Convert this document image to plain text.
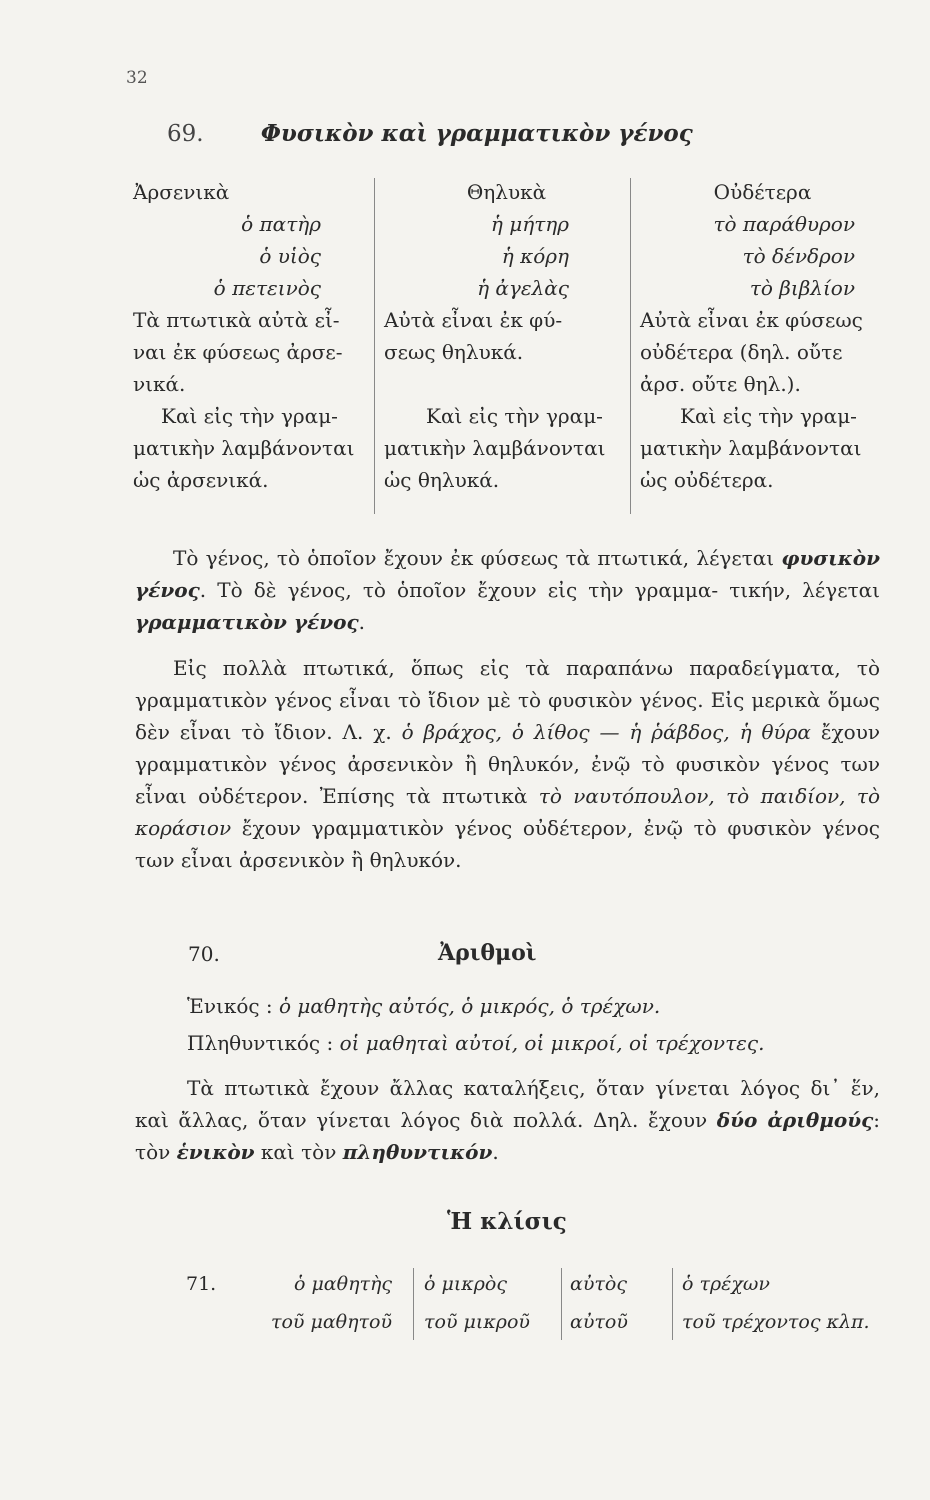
32
69. Φυσικὸν καὶ γραμματικὸν γένος
Ἀρσενικὰ
ὁ πατὴρ
ὁ υἱὸς
ὁ πετεινὸς
Τὰ πτωτικὰ αὐτὰ εἶ-
ναι ἐκ φύσεως ἀρσε-
νικά.
Καὶ εἰς τὴν γραμ-
ματικὴν λαμβάνονται
ὡς ἀρσενικά.
Θηλυκὰ
ἡ μήτηρ
ἡ κόρη
ἡ ἀγελὰς
Αὐτὰ εἶναι ἐκ φύ-
σεως θηλυκά.

Καὶ εἰς τὴν γραμ-
ματικὴν λαμβάνονται
ὡς θηλυκά.
Οὐδέτερα
τὸ παράθυρον
τὸ δένδρον
τὸ βιβλίον
Αὐτὰ εἶναι ἐκ φύσεως
οὐδέτερα (δηλ. οὔτε
ἀρσ. οὔτε θηλ.).
Καὶ εἰς τὴν γραμ-
ματικὴν λαμβάνονται
ὡς οὐδέτερα.
Τὸ γένος, τὸ ὁποῖον ἔχουν ἐκ φύσεως τὰ πτωτικά, λέγεται φυσικὸν γένος. Τὸ δὲ γένος, τὸ ὁποῖον ἔχουν εἰς τὴν γραμμα- τικήν, λέγεται γραμματικὸν γένος.
Εἰς πολλὰ πτωτικά, ὅπως εἰς τὰ παραπάνω παραδείγματα, τὸ γραμματικὸν γένος εἶναι τὸ ἴδιον μὲ τὸ φυσικὸν γένος. Εἰς μερικὰ ὅμως δὲν εἶναι τὸ ἴδιον. Λ. χ. ὁ βράχος, ὁ λίθος — ἡ ῥάβδος, ἡ θύρα ἔχουν γραμματικὸν γένος ἀρσενικὸν ἢ θηλυκόν, ἐνῷ τὸ φυσικὸν γένος των εἶναι οὐδέτερον. Ἐπίσης τὰ πτωτικὰ τὸ ναυτόπουλον, τὸ παιδίον, τὸ κοράσιον ἔχουν γραμματικὸν γένος οὐδέτερον, ἐνῷ τὸ φυσικὸν γένος των εἶναι ἀρσενικὸν ἢ θηλυκόν.
70.	Ἀριθμοὶ
Ἑνικός : ὁ μαθητὴς αὐτός, ὁ μικρός, ὁ τρέχων.
Πληθυντικός : οἱ μαθηταὶ αὐτοί, οἱ μικροί, οἱ τρέχοντες.
Τὰ πτωτικὰ ἔχουν ἄλλας καταλήξεις, ὅταν γίνεται λόγος δι᾽ ἕν, καὶ ἄλλας, ὅταν γίνεται λόγος διὰ πολλά. Δηλ. ἔχουν δύο ἀριθμούς: τὸν ἑνικὸν καὶ τὸν πληθυντικόν.
Ἡ κλίσις
71.	ὁ μαθητὴς
τοῦ μαθητοῦ
ὁ μικρὸς
τοῦ μικροῦ
αὐτὸς
αὐτοῦ
ὁ τρέχων
τοῦ τρέχοντος κλπ.
